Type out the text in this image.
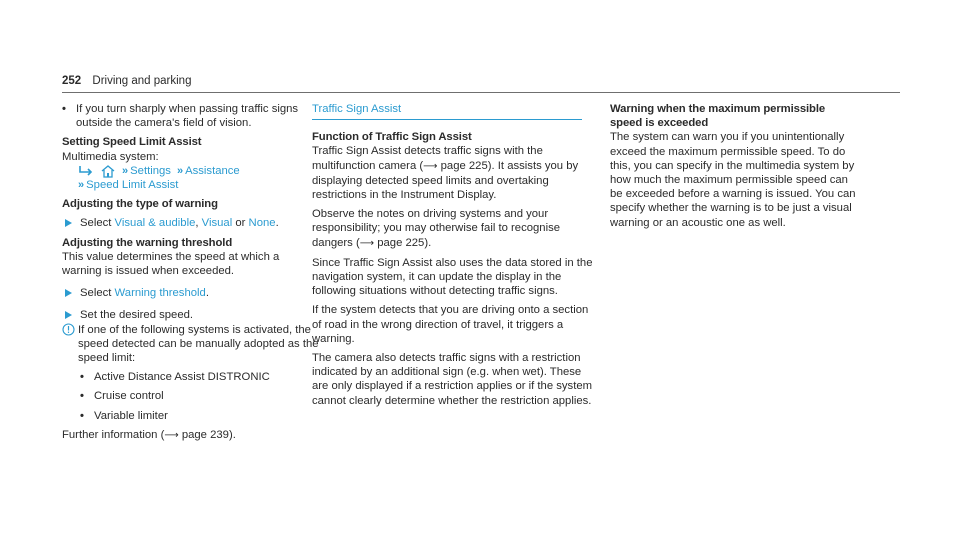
252 Driving and parking
• If you turn sharply when passing traffic signs outside the camera's field of vision.
Setting Speed Limit Assist
Multimedia system:
» Settings » Assistance
» Speed Limit Assist
Adjusting the type of warning
Select Visual & audible, Visual or None.
Adjusting the warning threshold
This value determines the speed at which a warning is issued when exceeded.
Select Warning threshold.
Set the desired speed.
If one of the following systems is activated, the speed detected can be manually adopted as the speed limit:
• Active Distance Assist DISTRONIC
• Cruise control
• Variable limiter
Further information (⟶ page 239).
Traffic Sign Assist
Function of Traffic Sign Assist

Traffic Sign Assist detects traffic signs with the multifunction camera (⟶ page 225). It assists you by displaying detected speed limits and overtaking restrictions in the Instrument Display.

Observe the notes on driving systems and your responsibility; you may otherwise fail to recognise dangers (⟶ page 225).

Since Traffic Sign Assist also uses the data stored in the navigation system, it can update the display in the following situations without detecting traffic signs.

If the system detects that you are driving onto a section of road in the wrong direction of travel, it triggers a warning.

The camera also detects traffic signs with a restriction indicated by an additional sign (e.g. when wet). These are only displayed if a restriction applies or if the system cannot clearly determine whether the restriction applies.

Warning when the maximum permissible speed is exceeded

The system can warn you if you unintentionally exceed the maximum permissible speed. To do this, you can specify in the multimedia system by how much the maximum permissible speed can be exceeded before a warning is issued. You can specify whether the warning is to be just a visual warning or an acoustic one as well.
